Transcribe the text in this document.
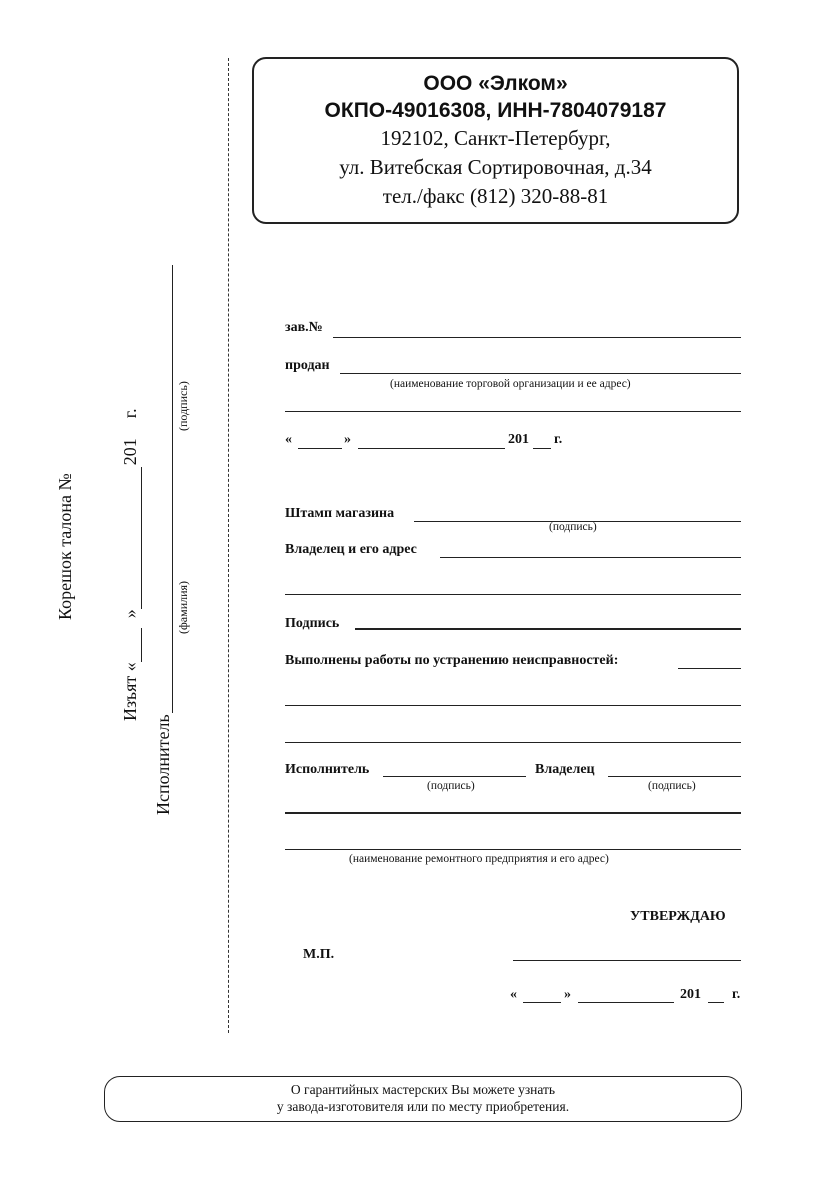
ООО «Элком»
ОКПО-49016308, ИНН-7804079187
192102, Санкт-Петербург,
ул. Витебская Сортировочная, д.34
тел./факс (812) 320-88-81
Корешок талона №
Изъят « » 201г.
Исполнитель
(фамилия)
(подпись)
зав.№
продан
(наименование торговой организации и ее адрес)
«	»	201 г.
Штамп магазина
(подпись)
Владелец и его адрес
Подпись
Выполнены работы по устранению неисправностей:
Исполнитель
(подпись)
Владелец
(подпись)
(наименование ремонтного предприятия и его адрес)
УТВЕРЖДАЮ
М.П.
«	»	201 г.
О гарантийных мастерских Вы можете узнать
у завода-изготовителя или по месту приобретения.
